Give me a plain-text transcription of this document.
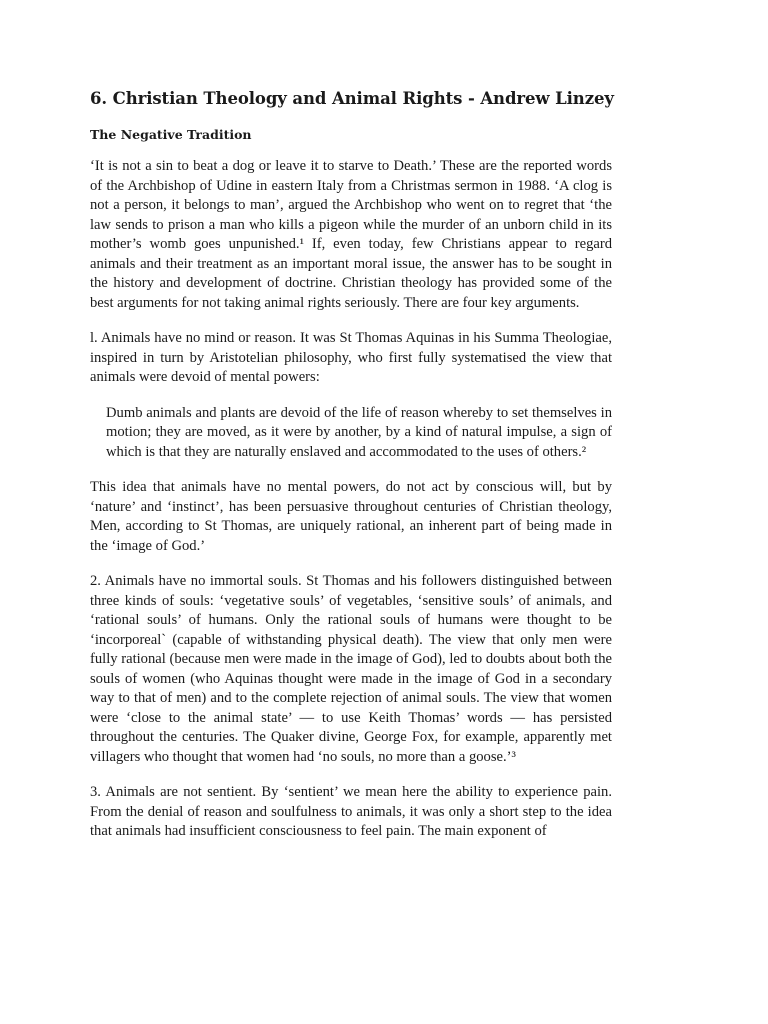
6. Christian Theology and Animal Rights - Andrew Linzey
The Negative Tradition

‘It is not a sin to beat a dog or leave it to starve to Death.’ These are the reported words of the Archbishop of Udine in eastern Italy from a Christmas sermon in 1988. ‘A clog is not a person, it belongs to man’, argued the Archbishop who went on to regret that ‘the law sends to prison a man who kills a pigeon while the murder of an unborn child in its mother’s womb goes unpunished.¹ If, even today, few Christians appear to regard animals and their treatment as an important moral issue, the answer has to be sought in the history and development of doctrine. Christian theology has provided some of the best arguments for not taking animal rights seriously. There are four key arguments.

l. Animals have no mind or reason. It was St Thomas Aquinas in his Summa Theologiae, inspired in turn by Aristotelian philosophy, who first fully systematised the view that animals were devoid of mental powers:

Dumb animals and plants are devoid of the life of reason whereby to set themselves in motion; they are moved, as it were by another, by a kind of natural impulse, a sign of which is that they are naturally enslaved and accommodated to the uses of others.²

This idea that animals have no mental powers, do not act by conscious will, but by ‘nature’ and ‘instinct’, has been persuasive throughout centuries of Christian theology, Men, according to St Thomas, are uniquely rational, an inherent part of being made in the ‘image of God.’

2. Animals have no immortal souls. St Thomas and his followers distinguished between three kinds of souls: ‘vegetative souls’ of vegetables, ‘sensitive souls’ of animals, and ‘rational souls’ of humans. Only the rational souls of humans were thought to be ‘incorporeal` (capable of withstanding physical death). The view that only men were fully rational (because men were made in the image of God), led to doubts about both the souls of women (who Aquinas thought were made in the image of God in a secondary way to that of men) and to the complete rejection of animal souls. The view that women were ‘close to the animal state’ — to use Keith Thomas’ words — has persisted throughout the centuries. The Quaker divine, George Fox, for example, apparently met villagers who thought that women had ‘no souls, no more than a goose.’³

3. Animals are not sentient. By ‘sentient’ we mean here the ability to experience pain. From the denial of reason and soulfulness to animals, it was only a short step to the idea that animals had insufficient consciousness to feel pain. The main exponent of
